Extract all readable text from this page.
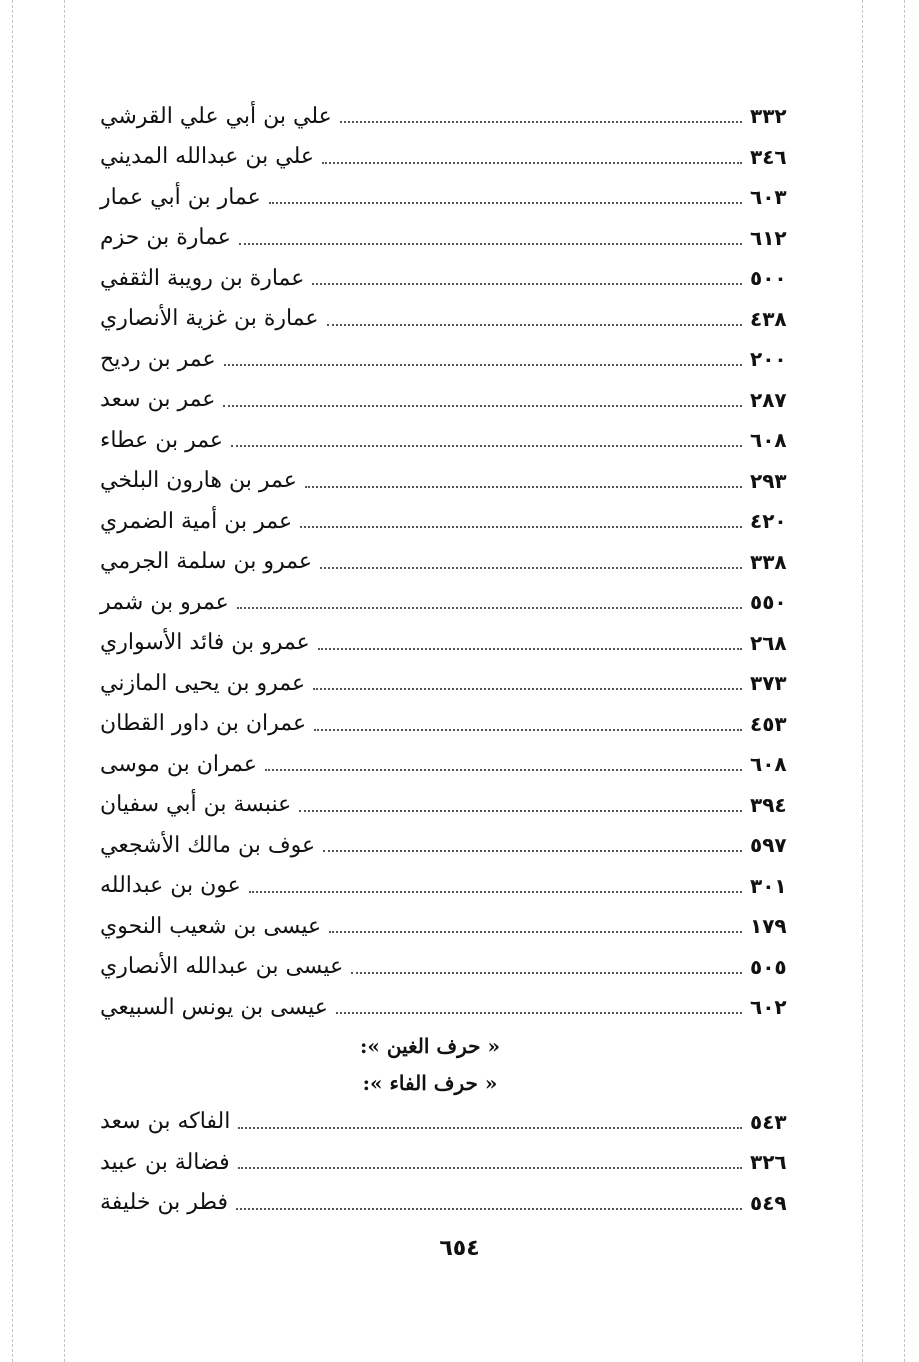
علي بن أبي علي القرشي	٣٣٢
علي بن عبدالله المديني	٣٤٦
عمار بن أبي عمار	٦٠٣
عمارة بن حزم	٦١٢
عمارة بن رويبة الثقفي	٥٠٠
عمارة بن غزية الأنصاري	٤٣٨
عمر بن رديح	٢٠٠
عمر بن سعد	٢٨٧
عمر بن عطاء	٦٠٨
عمر بن هارون البلخي	٢٩٣
عمر بن أمية الضمري	٤٢٠
عمرو بن سلمة الجرمي	٣٣٨
عمرو بن شمر	٥٥٠
عمرو بن فائد الأسواري	٢٦٨
عمرو بن يحيى المازني	٣٧٣
عمران بن داور القطان	٤٥٣
عمران بن موسى	٦٠٨
عنبسة بن أبي سفيان	٣٩٤
عوف بن مالك الأشجعي	٥٩٧
عون بن عبدالله	٣٠١
عيسى بن شعيب النحوي	١٧٩
عيسى بن عبدالله الأنصاري	٥٠٥
عيسى بن يونس السبيعي	٦٠٢
« حرف الغين »
:
« حرف الفاء »
:
الفاكه بن سعد	٥٤٣
فضالة بن عبيد	٣٢٦
فطر بن خليفة	٥٤٩
٦٥٤
